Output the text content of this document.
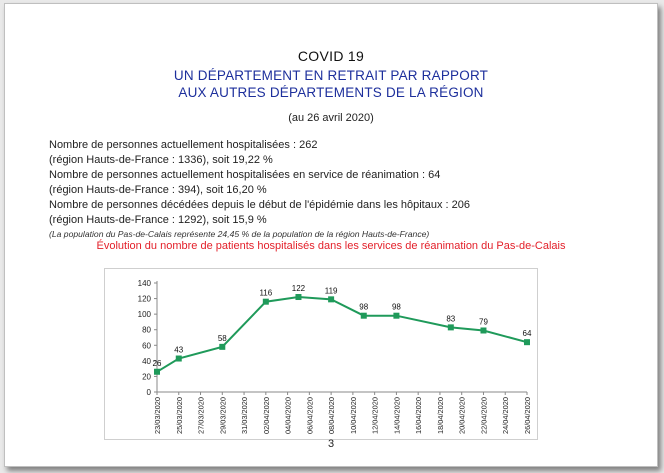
COVID 19
UN DÉPARTEMENT EN RETRAIT PAR RAPPORT
AUX AUTRES DÉPARTEMENTS DE LA RÉGION
(au 26 avril 2020)
Nombre de personnes actuellement hospitalisées : 262
(région Hauts-de-France : 1336), soit 19,22 %
Nombre de personnes actuellement hospitalisées en service de réanimation : 64
(région Hauts-de-France : 394), soit 16,20 %
Nombre de personnes décédées depuis le début de l'épidémie dans les hôpitaux : 206
(région Hauts-de-France : 1292), soit 15,9 %
(La population du Pas-de-Calais représente 24,45 % de la population de la région Hauts-de-France)
Évolution du nombre de patients hospitalisés dans les services de réanimation du Pas-de-Calais
0
20
40
60
80
100
120
140
23/03/2020 25/03/2020 27/03/2020 29/03/2020 31/03/2020 02/04/2020 04/04/2020 06/04/2020 08/04/2020 10/04/2020 12/04/2020 14/04/2020 16/04/2020 18/04/2020 20/04/2020 22/04/2020 24/04/2020 26/04/2020
26
43
58
116
122 119
98	98
83	79
64
3
